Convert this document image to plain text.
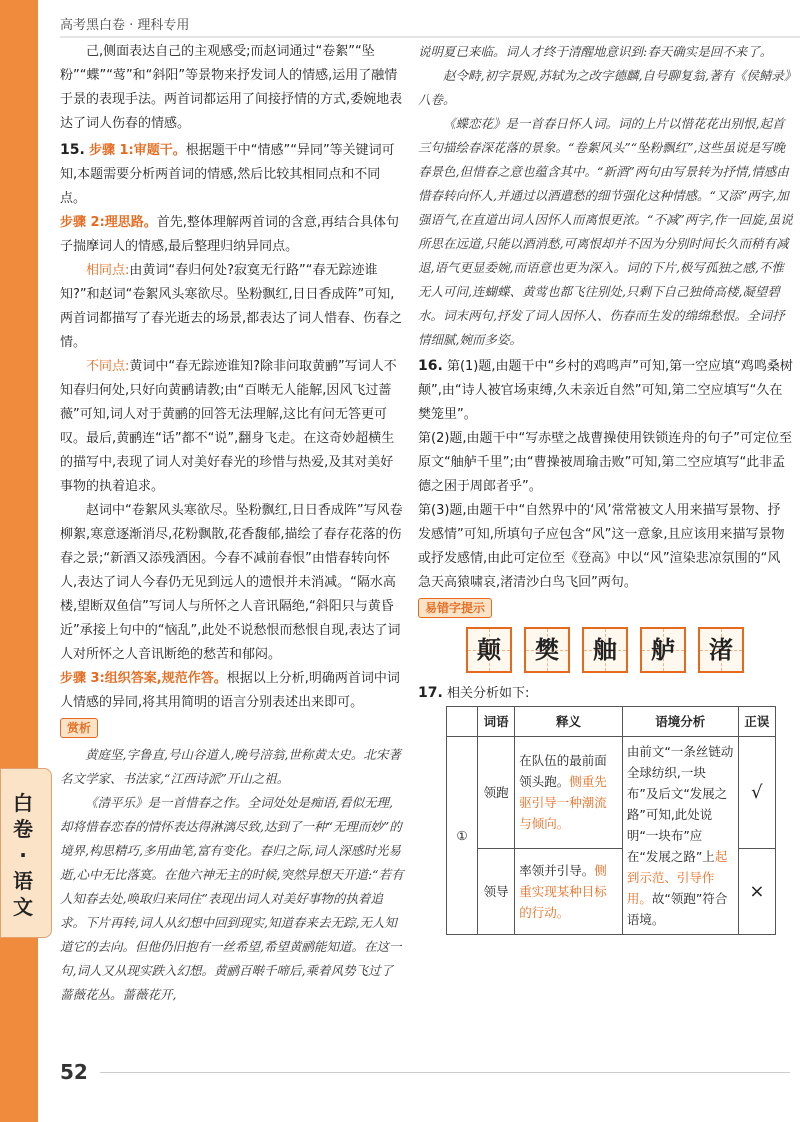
白
卷
·
语
文
高考黑白卷 · 理科专用

己,侧面表达自己的主观感受;而赵词通过“卷絮”“坠粉”“蝶”“莺”和“斜阳”等景物来抒发词人的情感,运用了融情于景的表现手法。两首词都运用了间接抒情的方式,委婉地表达了词人伤春的情感。

15. 步骤 1:审题干。根据题干中“情感”“异同”等关键词可知,本题需要分析两首词的情感,然后比较其相同点和不同点。

步骤 2:理思路。首先,整体理解两首词的含意,再结合具体句子揣摩词人的情感,最后整理归纳异同点。

相同点:由黄词“春归何处?寂寞无行路”“春无踪迹谁知?”和赵词“卷絮风头寒欲尽。坠粉飘红,日日香成阵”可知,两首词都描写了春光逝去的场景,都表达了词人惜春、伤春之情。

不同点:黄词中“春无踪迹谁知?除非问取黄鹂”写词人不知春归何处,只好向黄鹂请教;由“百啭无人能解,因风飞过蔷薇”可知,词人对于黄鹂的回答无法理解,这比有问无答更可叹。最后,黄鹂连“话”都不“说”,翻身飞走。在这奇妙超横生的描写中,表现了词人对美好春光的珍惜与热爱,及其对美好事物的执着追求。

赵词中“卷絮风头寒欲尽。坠粉飘红,日日香成阵”写风卷柳絮,寒意逐渐消尽,花粉飘散,花香馥郁,描绘了春存花落的伤春之景;“新酒又添残酒困。今春不减前春恨”由惜春转向怀人,表达了词人今春仍无见到远人的遗恨并未消减。“隔水高楼,望断双鱼信”写词人与所怀之人音讯隔绝,“斜阳只与黄昏近”承接上句中的“恼乱”,此处不说愁恨而愁恨自现,表达了词人对所怀之人音讯断绝的愁苦和郁闷。

步骤 3:组织答案,规范作答。根据以上分析,明确两首词中词人情感的异同,将其用简明的语言分别表述出来即可。

赏析

黄庭坚,字鲁直,号山谷道人,晚号涪翁,世称黄太史。北宋著名文学家、书法家,“江西诗派”开山之祖。

《清平乐》是一首惜春之作。全词处处是痴语,看似无理,却将惜春恋春的情怀表达得淋漓尽致,达到了一种“无理而妙”的境界,构思精巧,多用曲笔,富有变化。春归之际,词人深感时光易逝,心中无比落寞。在他六神无主的时候,突然异想天开道:“若有人知春去处,唤取归来同住”表现出词人对美好事物的执着追求。下片再转,词人从幻想中回到现实,知道春来去无踪,无人知道它的去向。但他仍旧抱有一丝希望,希望黄鹂能知道。在这一句,词人又从现实跌入幻想。黄鹂百啭千啼后,乘着风势飞过了蔷薇花丛。蔷薇花开,

说明夏已来临。词人才终于清醒地意识到:春天确实是回不来了。

赵令畤,初字景贶,苏轼为之改字德麟,自号聊复翁,著有《侯鲭录》八卷。

《蝶恋花》是一首春日怀人词。词的上片以惜花花出别恨,起首三句描绘春深花落的景象。“卷絮风头”“坠粉飘红”,这些虽说是写晚春景色,但惜春之意也蕴含其中。“新酒”两句由写景转为抒情,情感由惜春转向怀人,并通过以酒遣愁的细节强化这种情感。“又添”两字,加强语气,在直道出词人因怀人而离恨更浓。“不减”两字,作一回旋,虽说所思在远道,只能以酒消愁,可离恨却并不因为分别时间长久而稍有减退,语气更显委婉,而语意也更为深入。词的下片,极写孤独之感,不惟无人可问,连蝴蝶、黄莺也都飞往别处,只剩下自己独倚高楼,凝望碧水。词末两句,抒发了词人因怀人、伤春而生发的绵绵愁恨。全词抒情细腻,婉而多姿。

16. 第(1)题,由题干中“乡村的鸡鸣声”可知,第一空应填“鸡鸣桑树颠”,由“诗人被官场束缚,久未亲近自然”可知,第二空应填写“久在樊笼里”。

第(2)题,由题干中“写赤壁之战曹操使用铁锁连舟的句子”可定位至原文“舳舻千里”;由“曹操被周瑜击败”可知,第二空应填写“此非孟德之困于周郎者乎”。

第(3)题,由题干中“自然界中的‘风’常常被文人用来描写景物、抒发感情”可知,所填句子应包含“风”这一意象,且应该用来描写景物或抒发感情,由此可定位至《登高》中以“风”渲染悲凉氛围的“风急天高猿啸哀,渚清沙白鸟飞回”两句。

易错字提示

颠 樊 舳 舻 渚

17. 相关分析如下:

	词语	释义	语境分析	正误
①	领跑	在队伍的最前面领头跑。侧重先驱引导一种潮流与倾向。	由前文“一条丝链动全球纺织,一块布”及后文“发展之路”可知,此处说明“一块布”应在“发展之路”上起到示范、引导作用。故“领跑”符合语境。	√
	领导	率领并引导。侧重实现某种目标的行动。		×
52
